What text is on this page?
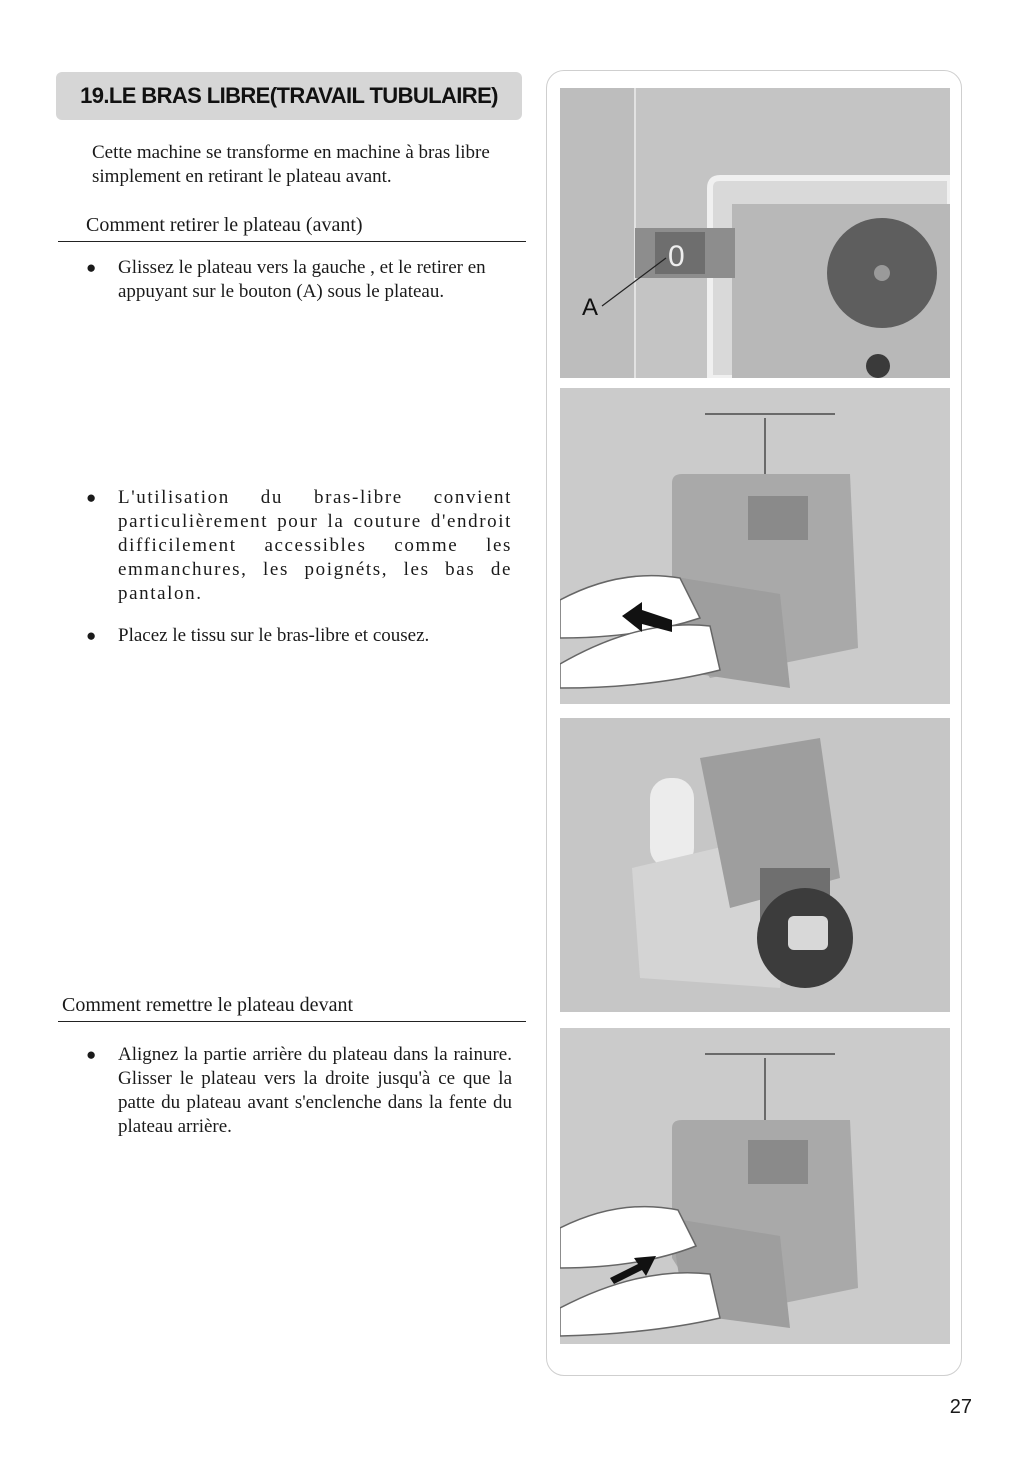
19.LE BRAS LIBRE(TRAVAIL TUBULAIRE)
Cette machine se transforme en machine à bras libre simplement en retirant le plateau avant.
Comment retirer le plateau (avant)
●	Glissez le plateau vers la gauche , et le retirer en appuyant sur le bouton (A) sous le plateau.
●	L'utilisation du bras-libre convient particulièrement pour la couture d'endroit difficilement accessibles comme les emmanchures, les poignéts, les bas de pantalon.
●	Placez le tissu sur le bras-libre et cousez.
Comment remettre le plateau devant
●	Alignez la partie arrière du plateau dans la rainure. Glisser le plateau vers la droite jusqu'à ce que la patte du plateau avant s'enclenche dans la fente du plateau arrière.
0
A
27
